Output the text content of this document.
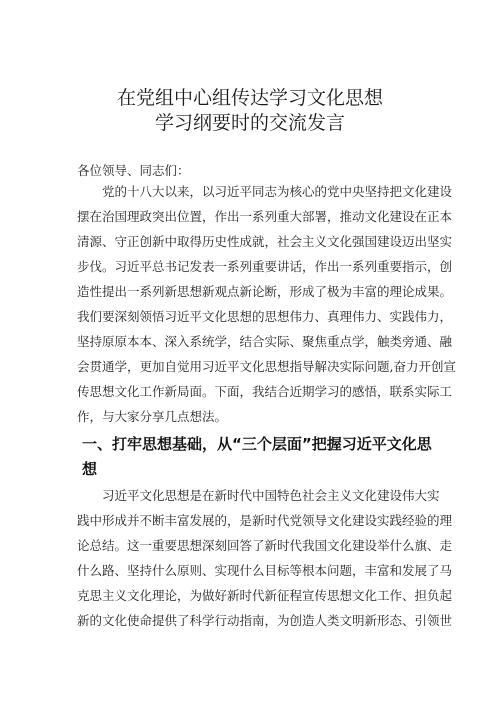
在党组中心组传达学习文化思想
学习纲要时的交流发言
各位领导、同志们：
党的十八大以来，以习近平同志为核心的党中央坚持把文化建设
摆在治国理政突出位置，作出一系列重大部署，推动文化建设在正本
清源、守正创新中取得历史性成就，社会主义文化强国建设迈出坚实
步伐。习近平总书记发表一系列重要讲话，作出一系列重要指示，创
造性提出一系列新思想新观点新论断，形成了极为丰富的理论成果。
我们要深刻领悟习近平文化思想的思想伟力、真理伟力、实践伟力，
坚持原原本本、深入系统学，结合实际、聚焦重点学，触类旁通、融
会贯通学，更加自觉用习近平文化思想指导解决实际问题,奋力开创宣
传思想文化工作新局面。下面，我结合近期学习的感悟，联系实际工
作，与大家分享几点想法。
一、打牢思想基础，从“三个层面”把握习近平文化思
想
习近平文化思想是在新时代中国特色社会主义文化建设伟大实
践中形成并不断丰富发展的，是新时代党领导文化建设实践经验的理
论总结。这一重要思想深刻回答了新时代我国文化建设举什么旗、走
什么路、坚持什么原则、实现什么目标等根本问题，丰富和发展了马
克思主义文化理论，为做好新时代新征程宣传思想文化工作、担负起
新的文化使命提供了科学行动指南，为创造人类文明新形态、引领世
